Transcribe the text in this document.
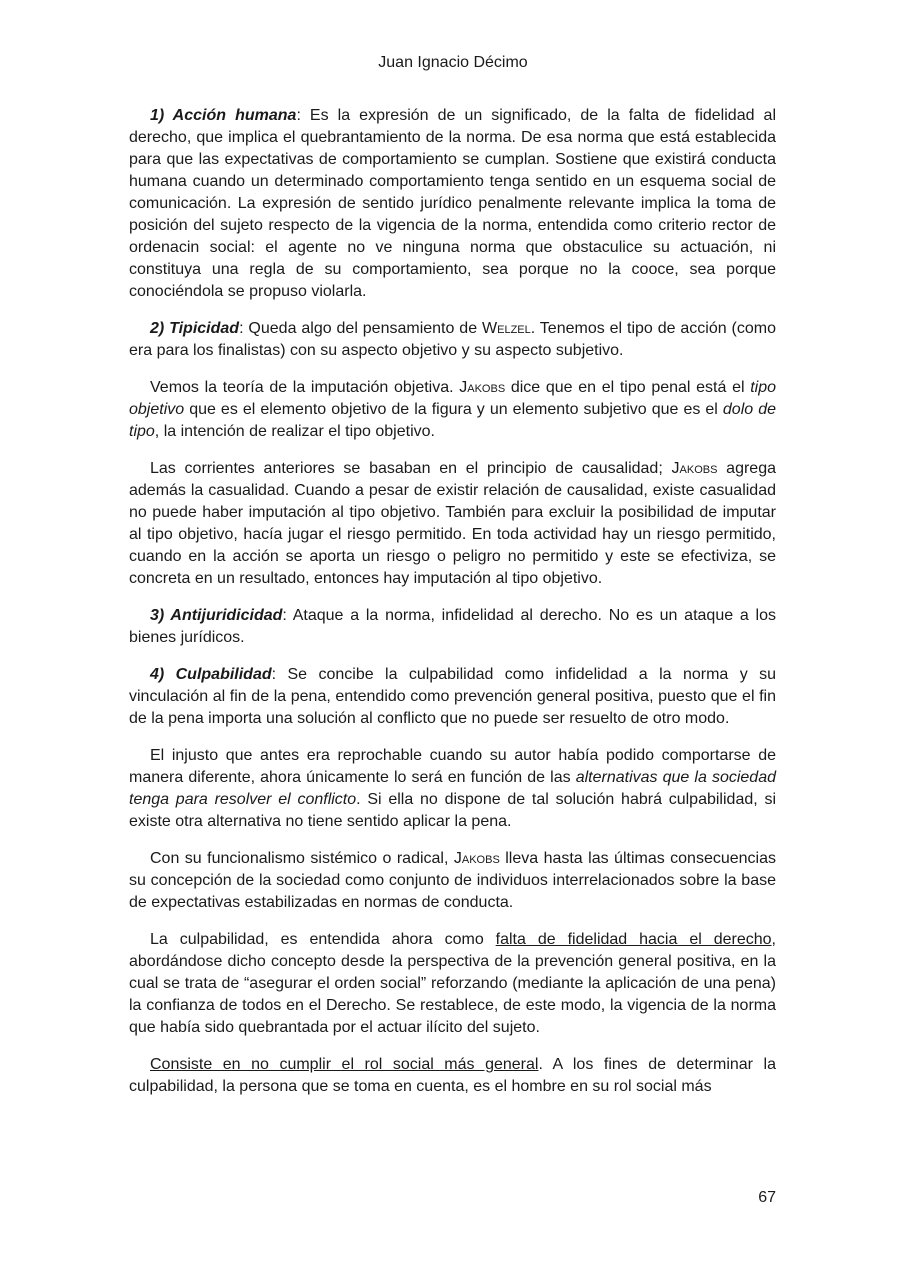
Juan Ignacio Décimo

1) Acción humana: Es la expresión de un significado, de la falta de fidelidad al derecho, que implica el quebrantamiento de la norma. De esa norma que está establecida para que las expectativas de comportamiento se cumplan. Sostiene que existirá conducta humana cuando un determinado comportamiento tenga sentido en un esquema social de comunicación. La expresión de sentido jurídico penalmente relevante implica la toma de posición del sujeto respecto de la vigencia de la norma, entendida como criterio rector de ordenacin social: el agente no ve ninguna norma que obstaculice su actuación, ni constituya una regla de su comportamiento, sea porque no la cooce, sea porque conociéndola se propuso violarla.

2) Tipicidad: Queda algo del pensamiento de Welzel. Tenemos el tipo de acción (como era para los finalistas) con su aspecto objetivo y su aspecto subjetivo.

Vemos la teoría de la imputación objetiva. Jakobs dice que en el tipo penal está el tipo objetivo que es el elemento objetivo de la figura y un elemento subjetivo que es el dolo de tipo, la intención de realizar el tipo objetivo.

Las corrientes anteriores se basaban en el principio de causalidad; Jakobs agrega además la casualidad. Cuando a pesar de existir relación de causalidad, existe casualidad no puede haber imputación al tipo objetivo. También para excluir la posibilidad de imputar al tipo objetivo, hacía jugar el riesgo permitido. En toda actividad hay un riesgo permitido, cuando en la acción se aporta un riesgo o peligro no permitido y este se efectiviza, se concreta en un resultado, entonces hay imputación al tipo objetivo.

3) Antijuridicidad: Ataque a la norma, infidelidad al derecho. No es un ataque a los bienes jurídicos.

4) Culpabilidad: Se concibe la culpabilidad como infidelidad a la norma y su vinculación al fin de la pena, entendido como prevención general positiva, puesto que el fin de la pena importa una solución al conflicto que no puede ser resuelto de otro modo.

El injusto que antes era reprochable cuando su autor había podido comportarse de manera diferente, ahora únicamente lo será en función de las alternativas que la sociedad tenga para resolver el conflicto. Si ella no dispone de tal solución habrá culpabilidad, si existe otra alternativa no tiene sentido aplicar la pena.

Con su funcionalismo sistémico o radical, Jakobs lleva hasta las últimas consecuencias su concepción de la sociedad como conjunto de individuos interrelacionados sobre la base de expectativas estabilizadas en normas de conducta.

La culpabilidad, es entendida ahora como falta de fidelidad hacia el derecho, abordándose dicho concepto desde la perspectiva de la prevención general positiva, en la cual se trata de “asegurar el orden social” reforzando (mediante la aplicación de una pena) la confianza de todos en el Derecho. Se restablece, de este modo, la vigencia de la norma que había sido quebrantada por el actuar ilícito del sujeto.

Consiste en no cumplir el rol social más general. A los fines de determinar la culpabilidad, la persona que se toma en cuenta, es el hombre en su rol social más

67
